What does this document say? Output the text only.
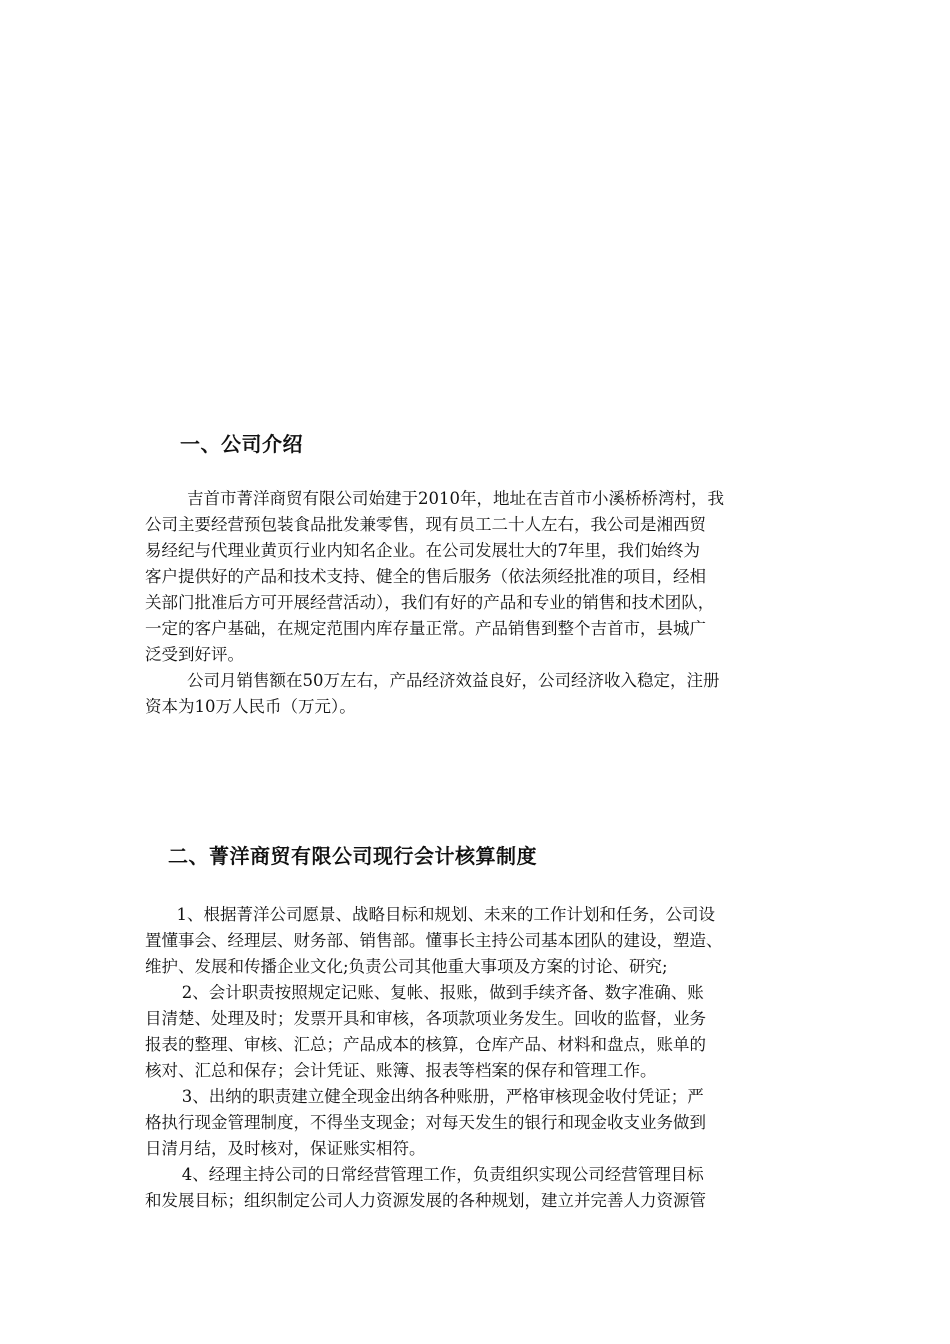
一、公司介绍
吉首市菁洋商贸有限公司始建于2010年，地址在吉首市小溪桥桥湾村，我
公司主要经营预包装食品批发兼零售，现有员工二十人左右，我公司是湘西贸
易经纪与代理业黄页行业内知名企业。在公司发展壮大的7年里，我们始终为
客户提供好的产品和技术支持、健全的售后服务（依法须经批准的项目，经相
关部门批准后方可开展经营活动），我们有好的产品和专业的销售和技术团队，
一定的客户基础，在规定范围内库存量正常。产品销售到整个吉首市，县城广
泛受到好评。
公司月销售额在50万左右，产品经济效益良好，公司经济收入稳定，注册
资本为10万人民币（万元）。
二、菁洋商贸有限公司现行会计核算制度
1、根据菁洋公司愿景、战略目标和规划、未来的工作计划和任务，公司设
置懂事会、经理层、财务部、销售部。懂事长主持公司基本团队的建设，塑造、
维护、发展和传播企业文化;负责公司其他重大事项及方案的讨论、研究;
2、会计职责按照规定记账、复帐、报账，做到手续齐备、数字准确、账
目清楚、处理及时；发票开具和审核，各项款项业务发生。回收的监督，业务
报表的整理、审核、汇总；产品成本的核算，仓库产品、材料和盘点，账单的
核对、汇总和保存；会计凭证、账簿、报表等档案的保存和管理工作。
3、出纳的职责建立健全现金出纳各种账册，严格审核现金收付凭证；严
格执行现金管理制度，不得坐支现金；对每天发生的银行和现金收支业务做到
日清月结，及时核对，保证账实相符。
4、经理主持公司的日常经营管理工作，负责组织实现公司经营管理目标
和发展目标；组织制定公司人力资源发展的各种规划，建立并完善人力资源管
